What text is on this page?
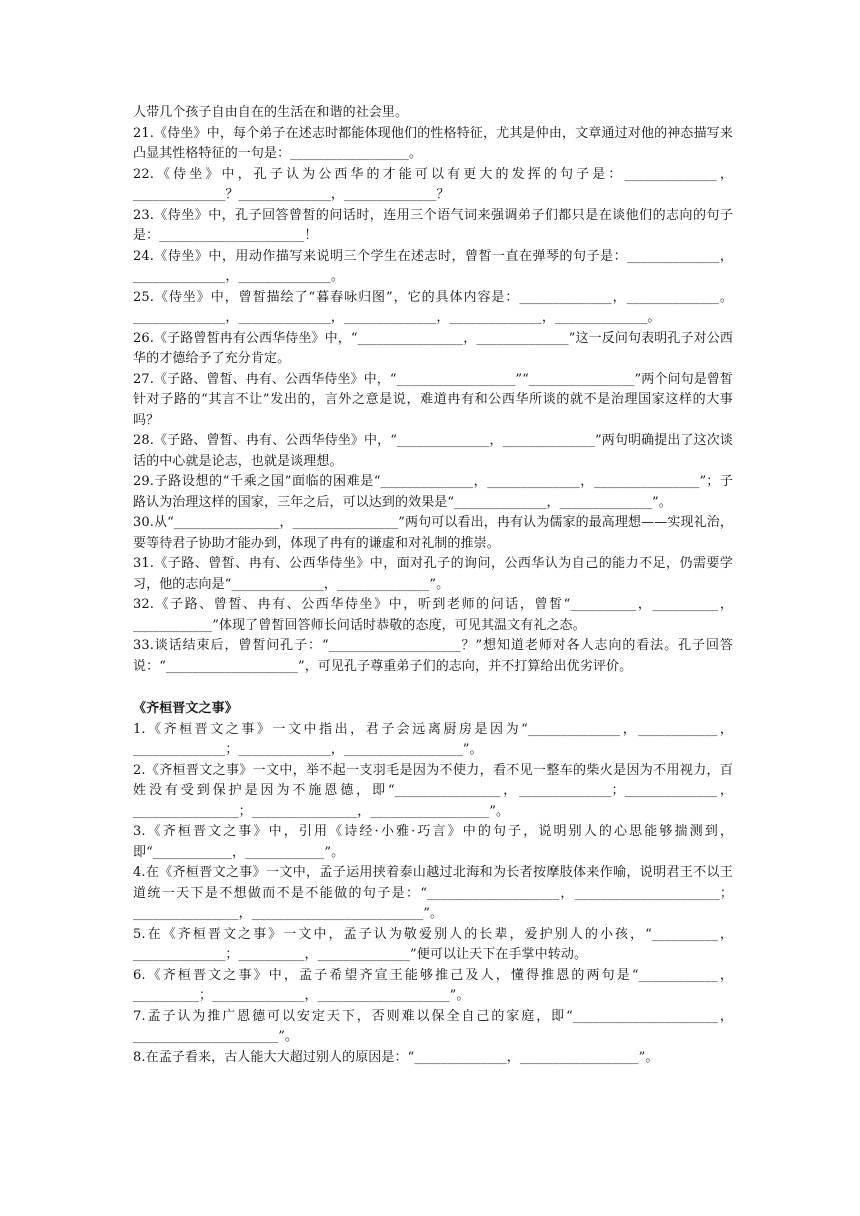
人带几个孩子自由自在的生活在和谐的社会里。

21.《侍坐》中，每个弟子在述志时都能体现他们的性格特征，尤其是仲由，文章通过对他的神态描写来凸显其性格特征的一句是：__________________。

22.《侍坐》中，孔子认为公西华的才能可以有更大的发挥的句子是：______________，______________？______________，______________？

23.《侍坐》中，孔子回答曾皙的问话时，连用三个语气词来强调弟子们都只是在谈他们的志向的句子是：______________________！

24.《侍坐》中，用动作描写来说明三个学生在述志时，曾皙一直在弹琴的句子是：______________，______________，______________。

25.《侍坐》中，曾皙描绘了“暮春咏归图”，它的具体内容是：______________，______________。______________，______________，______________，______________，______________。

26.《子路曾皙冉有公西华侍坐》中，“________________，______________”这一反问句表明孔子对公西华的才德给予了充分肯定。

27.《子路、曾皙、冉有、公西华侍坐》中，“__________________”“________________”两个问句是曾皙针对子路的“其言不让”发出的，言外之意是说，难道冉有和公西华所谈的就不是治理国家这样的大事吗？

28.《子路、曾皙、冉有、公西华侍坐》中，“______________，______________”两句明确提出了这次谈话的中心就是论志，也就是谈理想。

29.子路设想的“千乘之国”面临的困难是“______________，______________，________________”；子路认为治理这样的国家，三年之后，可以达到的效果是“______________，______________”。

30.从“________________，________________”两句可以看出，冉有认为儒家的最高理想——实现礼治，要等待君子协助才能办到，体现了冉有的谦虚和对礼制的推崇。

31.《子路、曾皙、冉有、公西华侍坐》中，面对孔子的询问，公西华认为自己的能力不足，仍需要学习，他的志向是“______________，______________”。

32.《子路、曾皙、冉有、公西华侍坐》中，听到老师的问话，曾皙“__________，__________，____________”体现了曾皙回答师长问话时恭敬的态度，可见其温文有礼之态。

33.谈话结束后，曾皙问孔子：“____________________？”想知道老师对各人志向的看法。孔子回答说：“____________________”，可见孔子尊重弟子们的志向，并不打算给出优劣评价。

《齐桓晋文之事》

1.《齐桓晋文之事》一文中指出，君子会远离厨房是因为“______________，____________，______________；______________，__________________”。

2.《齐桓晋文之事》一文中，举不起一支羽毛是因为不使力，看不见一整车的柴火是因为不用视力，百姓没有受到保护是因为不施恩德，即“________________，______________；______________，________________；________________，__________________”。

3.《齐桓晋文之事》中，引用《诗经·小雅·巧言》中的句子，说明别人的心思能够揣测到，即“____________，____________”。

4.在《齐桓晋文之事》一文中，孟子运用挟着泰山越过北海和为长者按摩肢体来作喻，说明君王不以王道统一天下是不想做而不是不能做的句子是：“____________________，______________________；________________，__________________________”。

5.在《齐桓晋文之事》一文中，孟子认为敬爱别人的长辈，爱护别人的小孩，“__________，______________；__________，______________”便可以让天下在手掌中转动。

6.《齐桓晋文之事》中，孟子希望齐宣王能够推己及人，懂得推恩的两句是“____________，__________；______________，____________________”。

7.孟子认为推广恩德可以安定天下，否则难以保全自己的家庭，即“______________________，______________________”。

8.在孟子看来，古人能大大超过别人的原因是：“______________，__________________”。
